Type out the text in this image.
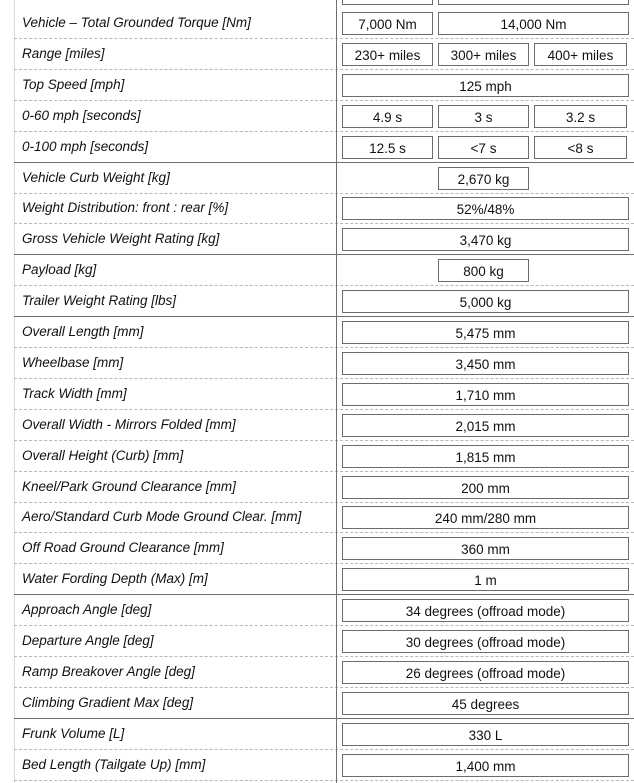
Vehicle – Total Grounded Torque [Nm]	7,000 Nm	14,000 Nm
Range [miles]	230+ miles	300+ miles	400+ miles
Top Speed [mph]	125 mph
0-60 mph [seconds]	4.9 s	3 s	3.2 s
0-100 mph [seconds]	12.5 s	<7 s	<8 s
Vehicle Curb Weight [kg]	2,670 kg
Weight Distribution: front : rear [%]	52%/48%
Gross Vehicle Weight Rating [kg]	3,470 kg
Payload [kg]	800 kg
Trailer Weight Rating [lbs]	5,000 kg
Overall Length [mm]	5,475 mm
Wheelbase [mm]	3,450 mm
Track Width [mm]	1,710 mm
Overall Width - Mirrors Folded [mm]	2,015 mm
Overall Height (Curb) [mm]	1,815 mm
Kneel/Park Ground Clearance [mm]	200 mm
Aero/Standard Curb Mode Ground Clear. [mm]	240 mm/280 mm
Off Road Ground Clearance [mm]	360 mm
Water Fording Depth (Max) [m]	1 m
Approach Angle [deg]	34 degrees (offroad mode)
Departure Angle [deg]	30 degrees (offroad mode)
Ramp Breakover Angle [deg]	26 degrees (offroad mode)
Climbing Gradient Max [deg]	45 degrees
Frunk Volume [L]	330 L
Bed Length (Tailgate Up) [mm]	1,400 mm
